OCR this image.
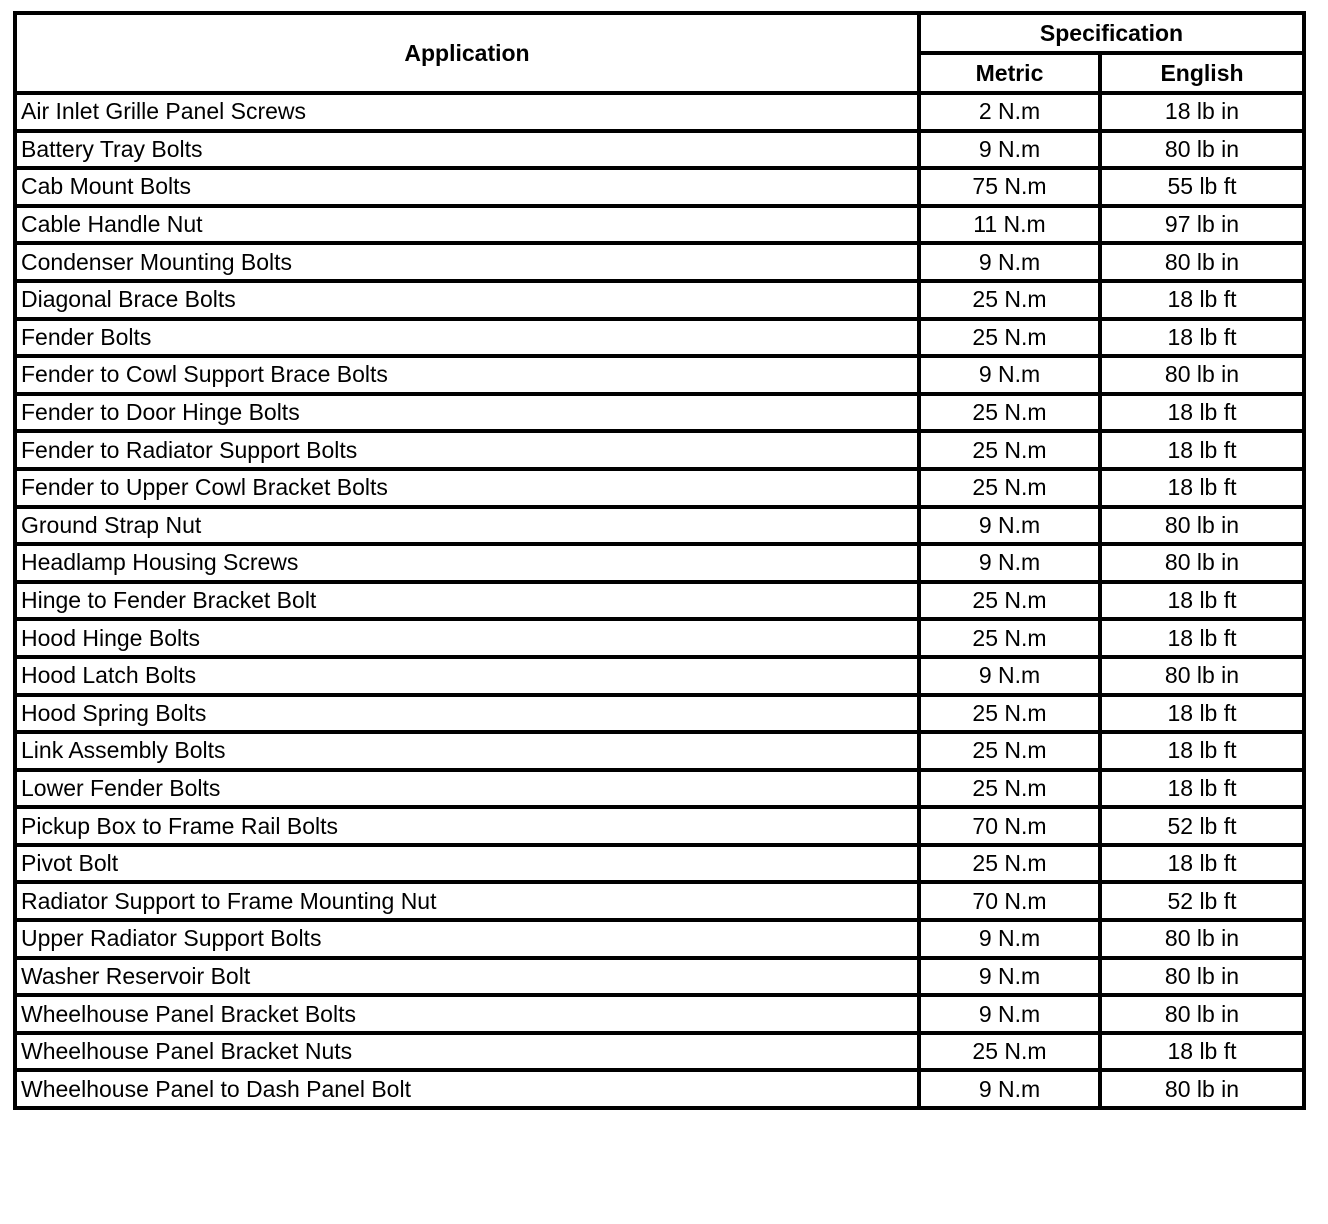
Application	Specification	
	Metric	English
Air Inlet Grille Panel Screws	2 N.m	18 lb in
Battery Tray Bolts	9 N.m	80 lb in
Cab Mount Bolts	75 N.m	55 lb ft
Cable Handle Nut	11 N.m	97 lb in
Condenser Mounting Bolts	9 N.m	80 lb in
Diagonal Brace Bolts	25 N.m	18 lb ft
Fender Bolts	25 N.m	18 lb ft
Fender to Cowl Support Brace Bolts	9 N.m	80 lb in
Fender to Door Hinge Bolts	25 N.m	18 lb ft
Fender to Radiator Support Bolts	25 N.m	18 lb ft
Fender to Upper Cowl Bracket Bolts	25 N.m	18 lb ft
Ground Strap Nut	9 N.m	80 lb in
Headlamp Housing Screws	9 N.m	80 lb in
Hinge to Fender Bracket Bolt	25 N.m	18 lb ft
Hood Hinge Bolts	25 N.m	18 lb ft
Hood Latch Bolts	9 N.m	80 lb in
Hood Spring Bolts	25 N.m	18 lb ft
Link Assembly Bolts	25 N.m	18 lb ft
Lower Fender Bolts	25 N.m	18 lb ft
Pickup Box to Frame Rail Bolts	70 N.m	52 lb ft
Pivot Bolt	25 N.m	18 lb ft
Radiator Support to Frame Mounting Nut	70 N.m	52 lb ft
Upper Radiator Support Bolts	9 N.m	80 lb in
Washer Reservoir Bolt	9 N.m	80 lb in
Wheelhouse Panel Bracket Bolts	9 N.m	80 lb in
Wheelhouse Panel Bracket Nuts	25 N.m	18 lb ft
Wheelhouse Panel to Dash Panel Bolt	9 N.m	80 lb in
